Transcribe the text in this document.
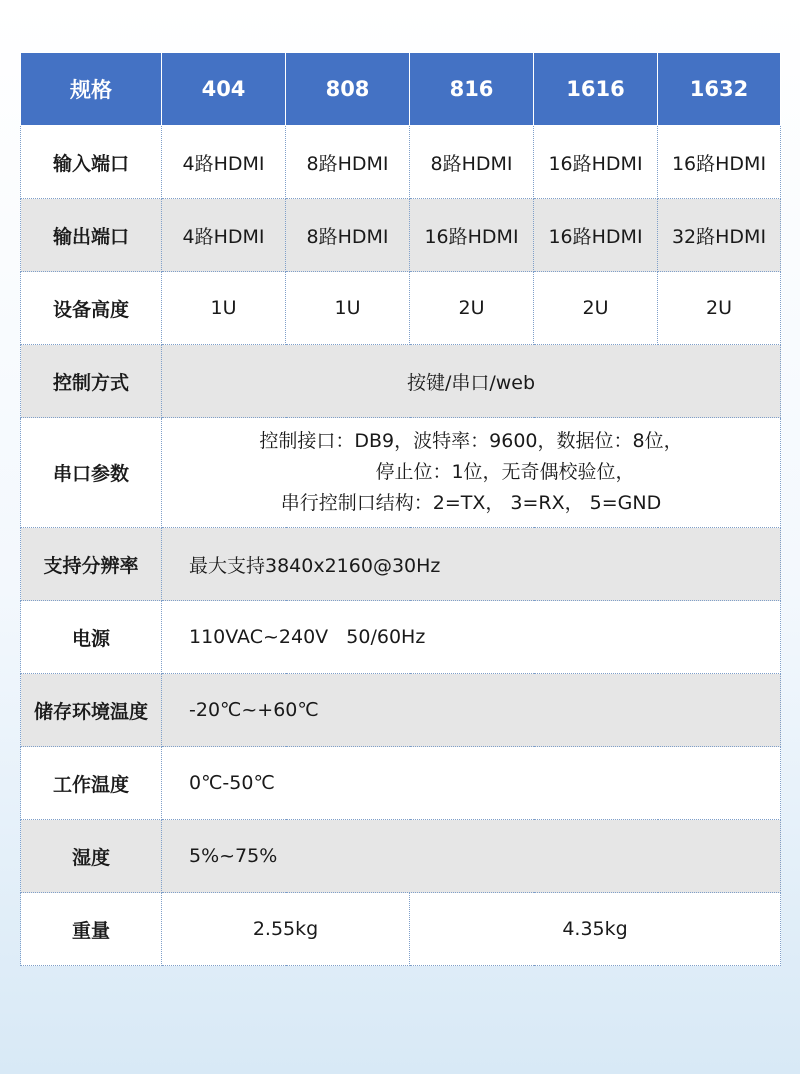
规格	404	808	816	1616	1632
输入端口	4路HDMI	8路HDMI	8路HDMI	16路HDMI	16路HDMI
输出端口	4路HDMI	8路HDMI	16路HDMI	16路HDMI	32路HDMI
设备高度	1U	1U	2U	2U	2U
控制方式	按键/串口/web				
串口参数	控制接口：DB9，波特率：9600，数据位：8位，
停止位：1位，无奇偶校验位，
串行控制口结构：2=TX， 3=RX， 5=GND				

支持分辨率	最大支持3840x2160@30Hz				
电源	110VAC~240V   50/60Hz				
储存环境温度	-20℃~+60℃				
工作温度	0℃-50℃				
湿度	5%~75%				
重量	2.55kg		4.35kg		
